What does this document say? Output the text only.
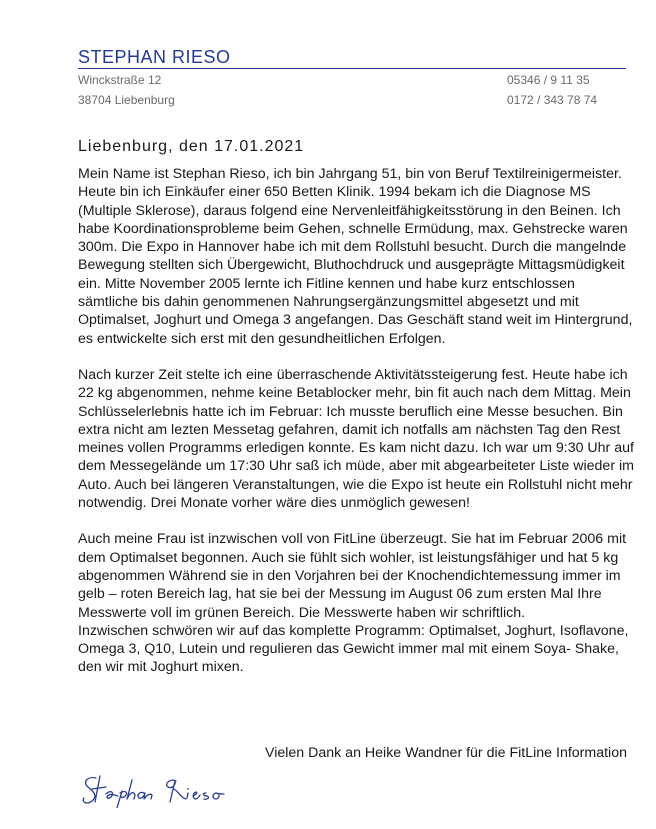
STEPHAN RIESO
Winckstraße 12
38704 Liebenburg
05346 / 9 11 35
0172 / 343 78 74
Liebenburg, den 17.01.2021

Mein Name ist Stephan Rieso, ich bin Jahrgang 51, bin von Beruf Textilreinigermeister. Heute bin ich Einkäufer einer 650 Betten Klinik. 1994 bekam ich die Diagnose MS (Multiple Sklerose), daraus folgend eine Nervenleitfähigkeitsstörung in den Beinen. Ich habe Koordinationsprobleme beim Gehen, schnelle Ermüdung, max. Gehstrecke waren 300m. Die Expo in Hannover habe ich mit dem Rollstuhl besucht. Durch die mangelnde Bewegung stellten sich Übergewicht, Bluthochdruck und ausgeprägte Mittagsmüdigkeit ein. Mitte November 2005 lernte ich Fitline kennen und habe kurz entschlossen sämtliche bis dahin genommenen Nahrungsergänzungsmittel abgesetzt und mit Optimalset, Joghurt und Omega 3 angefangen. Das Geschäft stand weit im Hintergrund, es entwickelte sich erst mit den gesundheitlichen Erfolgen.

Nach kurzer Zeit stelte ich eine überraschende Aktivitätssteigerung fest. Heute habe ich 22 kg abgenommen, nehme keine Betablocker mehr, bin fit auch nach dem Mittag. Mein Schlüsselerlebnis hatte ich im Februar: Ich musste beruflich eine Messe besuchen. Bin extra nicht am lezten Messetag gefahren, damit ich notfalls am nächsten Tag den Rest meines vollen Programms erledigen konnte. Es kam nicht dazu. Ich war um 9:30 Uhr auf dem Messegelände um 17:30 Uhr saß ich müde, aber mit abgearbeiteter Liste wieder im Auto. Auch bei längeren Veranstaltungen, wie die Expo ist heute ein Rollstuhl nicht mehr notwendig. Drei Monate vorher wäre dies unmöglich gewesen!

Auch meine Frau ist inzwischen voll von FitLine überzeugt. Sie hat im Februar 2006 mit dem Optimalset begonnen. Auch sie fühlt sich wohler, ist leistungsfähiger und hat 5 kg abgenommen Während sie in den Vorjahren bei der Knochendichtemessung immer im gelb – roten Bereich lag, hat sie bei der Messung im August 06 zum ersten Mal Ihre Messwerte voll im grünen Bereich. Die Messwerte haben wir schriftlich.

Inzwischen schwören wir auf das komplette Programm: Optimalset, Joghurt, Isoflavone, Omega 3, Q10, Lutein und regulieren das Gewicht immer mal mit einem Soya- Shake, den wir mit Joghurt mixen.

Vielen Dank an Heike Wandner für die FitLine Information
